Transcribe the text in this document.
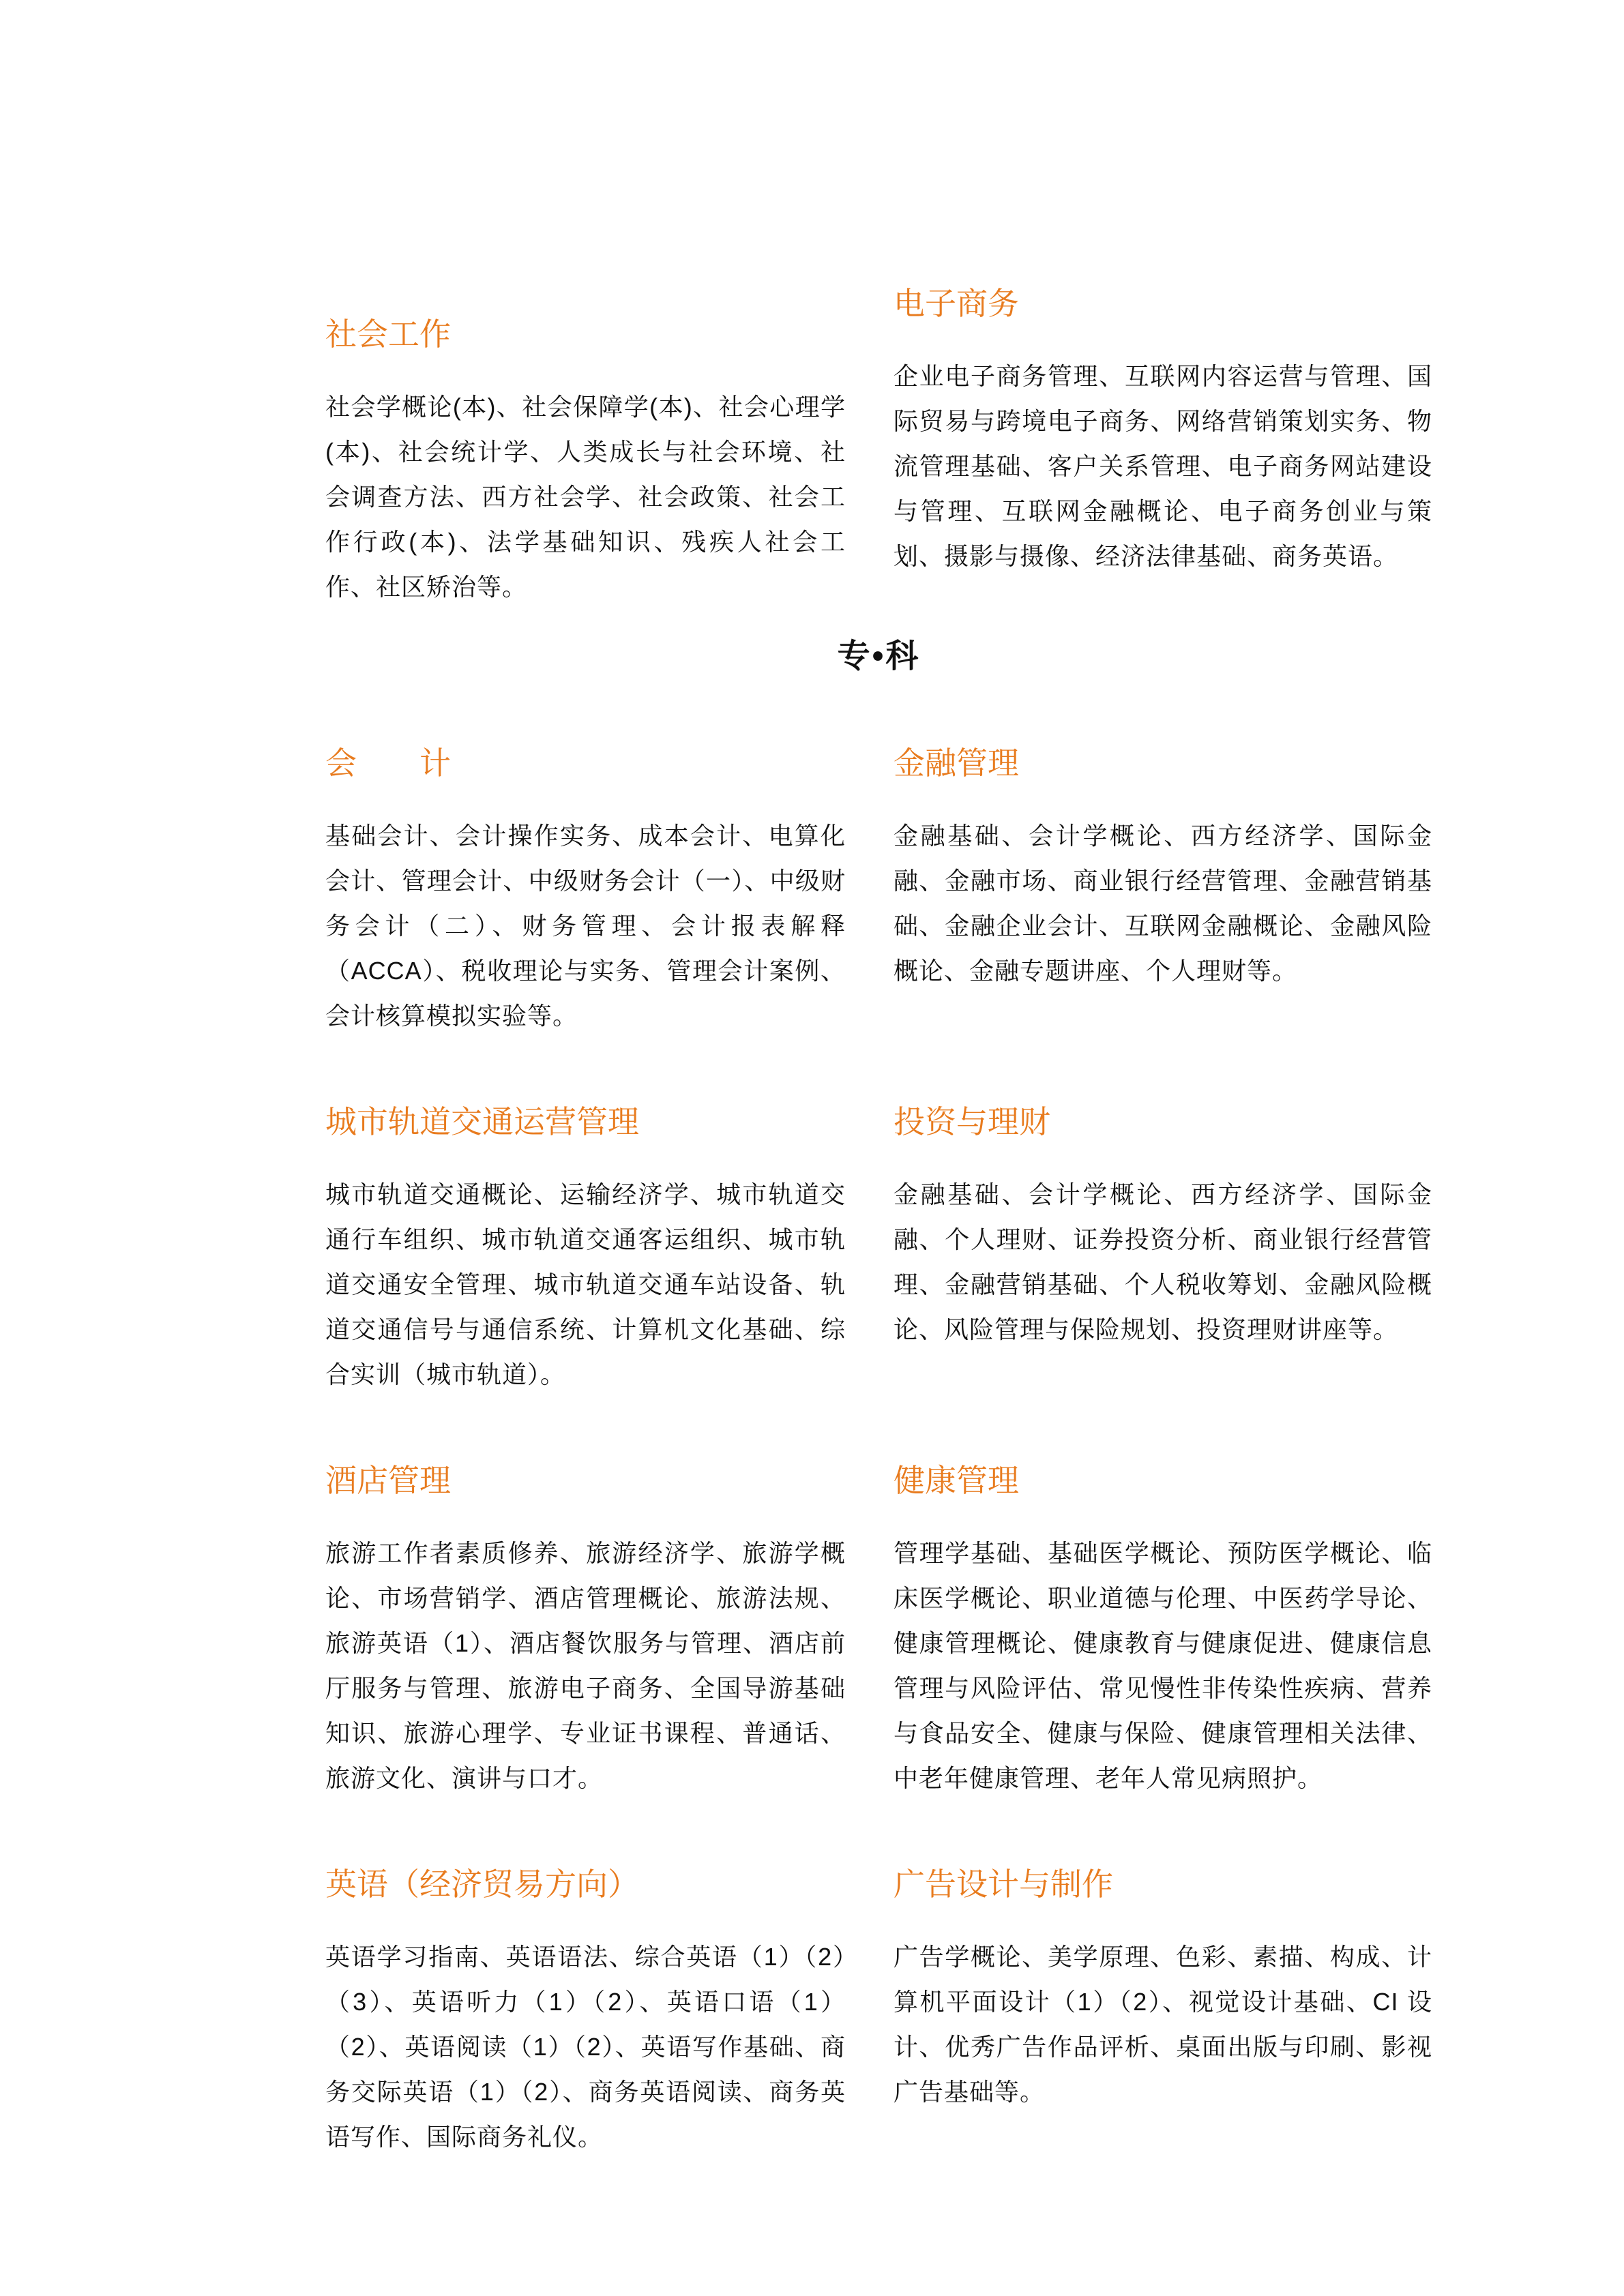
社会工作

社会学概论(本)、社会保障学(本)、社会心理学(本)、社会统计学、人类成长与社会环境、社会调查方法、西方社会学、社会政策、社会工作行政(本)、法学基础知识、残疾人社会工作、社区矫治等。

电子商务

企业电子商务管理、互联网内容运营与管理、国际贸易与跨境电子商务、网络营销策划实务、物流管理基础、客户关系管理、电子商务网站建设与管理、互联网金融概论、电子商务创业与策划、摄影与摄像、经济法律基础、商务英语。

专•科
会　　计

基础会计、会计操作实务、成本会计、电算化会计、管理会计、中级财务会计（一）、中级财务会计（二）、财务管理、会计报表解释（ACCA）、税收理论与实务、管理会计案例、会计核算模拟实验等。

金融管理

金融基础、会计学概论、西方经济学、国际金融、金融市场、商业银行经营管理、金融营销基础、金融企业会计、互联网金融概论、金融风险概论、金融专题讲座、个人理财等。

城市轨道交通运营管理

城市轨道交通概论、运输经济学、城市轨道交通行车组织、城市轨道交通客运组织、城市轨道交通安全管理、城市轨道交通车站设备、轨道交通信号与通信系统、计算机文化基础、综合实训（城市轨道）。

投资与理财

金融基础、会计学概论、西方经济学、国际金融、个人理财、证券投资分析、商业银行经营管理、金融营销基础、个人税收筹划、金融风险概论、风险管理与保险规划、投资理财讲座等。

酒店管理

旅游工作者素质修养、旅游经济学、旅游学概论、市场营销学、酒店管理概论、旅游法规、旅游英语（1）、酒店餐饮服务与管理、酒店前厅服务与管理、旅游电子商务、全国导游基础知识、旅游心理学、专业证书课程、普通话、旅游文化、演讲与口才。

健康管理

管理学基础、基础医学概论、预防医学概论、临床医学概论、职业道德与伦理、中医药学导论、健康管理概论、健康教育与健康促进、健康信息管理与风险评估、常见慢性非传染性疾病、营养与食品安全、健康与保险、健康管理相关法律、中老年健康管理、老年人常见病照护。

英语（经济贸易方向）

英语学习指南、英语语法、综合英语（1）（2）（3）、英语听力（1）（2）、英语口语（1）（2）、英语阅读（1）（2）、英语写作基础、商务交际英语（1）（2）、商务英语阅读、商务英语写作、国际商务礼仪。

广告设计与制作

广告学概论、美学原理、色彩、素描、构成、计算机平面设计（1）（2）、视觉设计基础、CI 设计、优秀广告作品评析、桌面出版与印刷、影视广告基础等。
